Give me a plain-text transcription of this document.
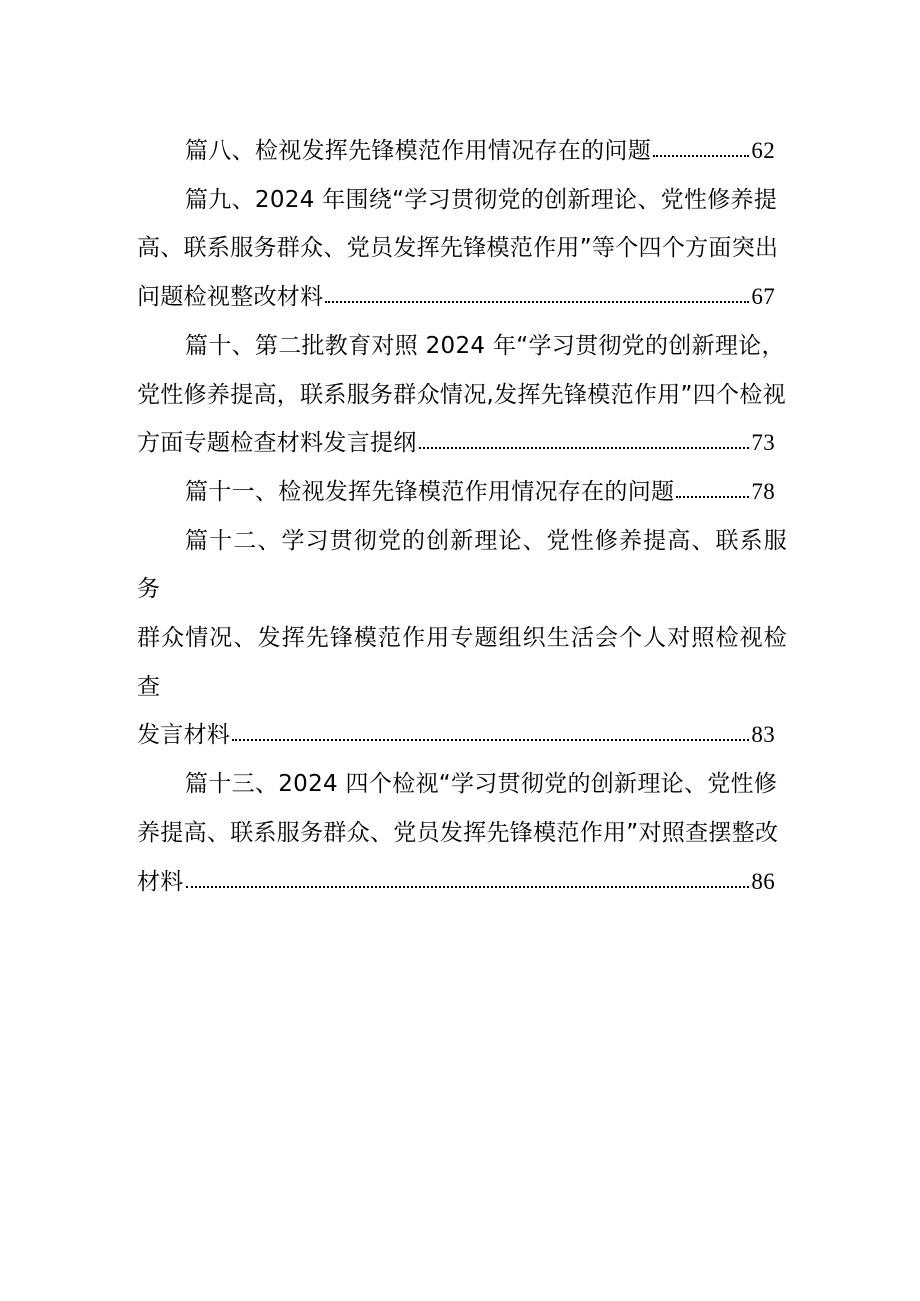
篇八、检视发挥先锋模范作用情况存在的问题	62
篇九、2024 年围绕“学习贯彻党的创新理论、党性修养提
高、联系服务群众、党员发挥先锋模范作用”等个四个方面突出
问题检视整改材料	67
篇十、第二批教育对照 2024 年“学习贯彻党的创新理论，
党性修养提高，联系服务群众情况,发挥先锋模范作用”四个检视
方面专题检查材料发言提纲	73
篇十一、检视发挥先锋模范作用情况存在的问题	78
篇十二、学习贯彻党的创新理论、党性修养提高、联系服务
群众情况、发挥先锋模范作用专题组织生活会个人对照检视检查
发言材料	83
篇十三、2024 四个检视“学习贯彻党的创新理论、党性修
养提高、联系服务群众、党员发挥先锋模范作用”对照查摆整改
材料	86
